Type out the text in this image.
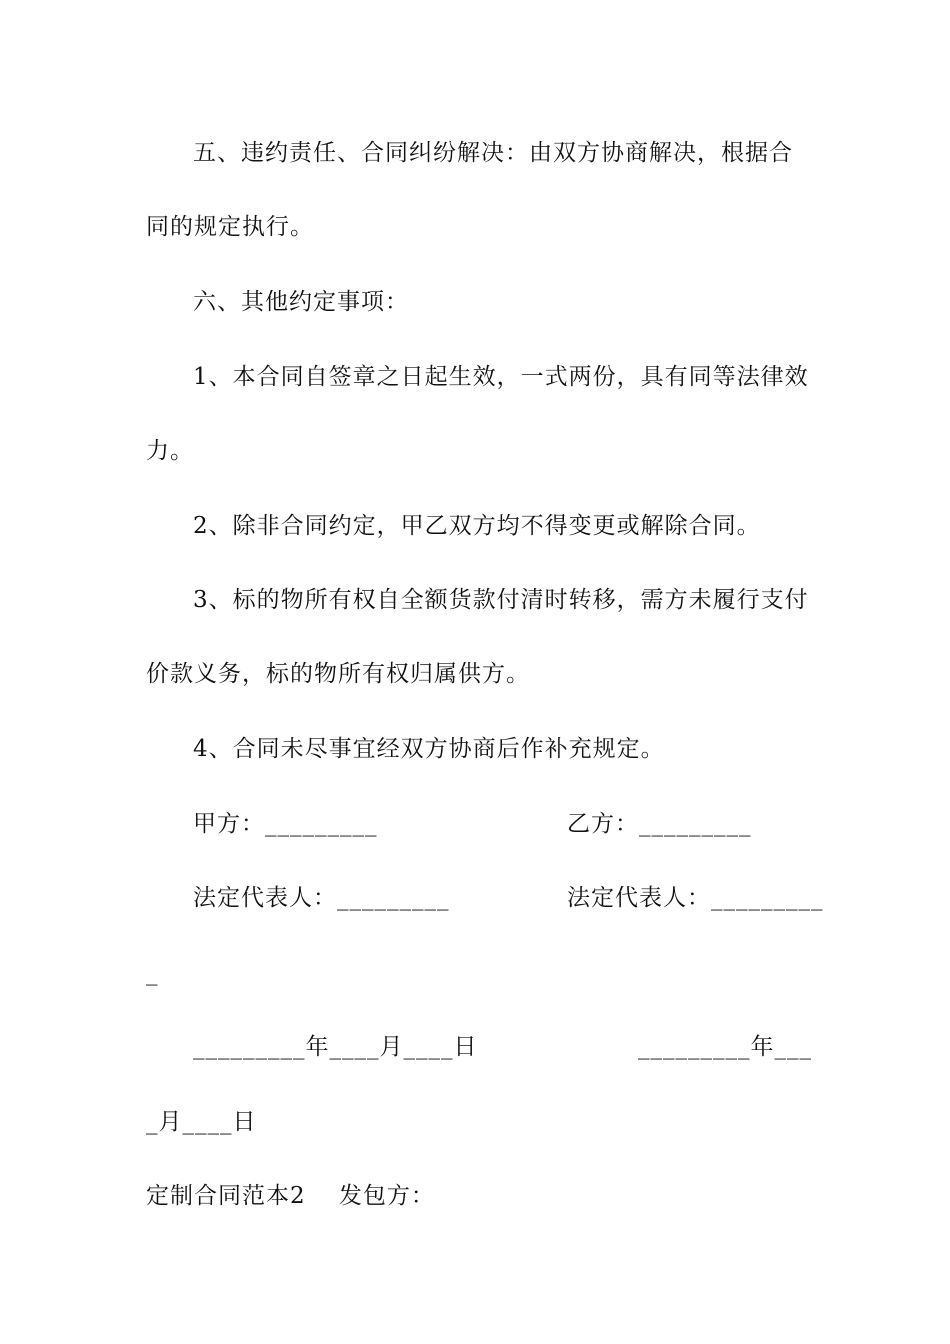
五、违约责任、合同纠纷解决：由双方协商解决，根据合
同的规定执行。
六、其他约定事项：
1、本合同自签章之日起生效，一式两份，具有同等法律效
力。
2、除非合同约定，甲乙双方均不得变更或解除合同。
3、标的物所有权自全额货款付清时转移，需方未履行支付
价款义务，标的物所有权归属供方。
4、合同未尽事宜经双方协商后作补充规定。
甲方：_________	乙方：_________
法定代表人：_________	法定代表人：_________
_
_________年____月____日	_________年___
_月____日
定制合同范本2    发包方：
